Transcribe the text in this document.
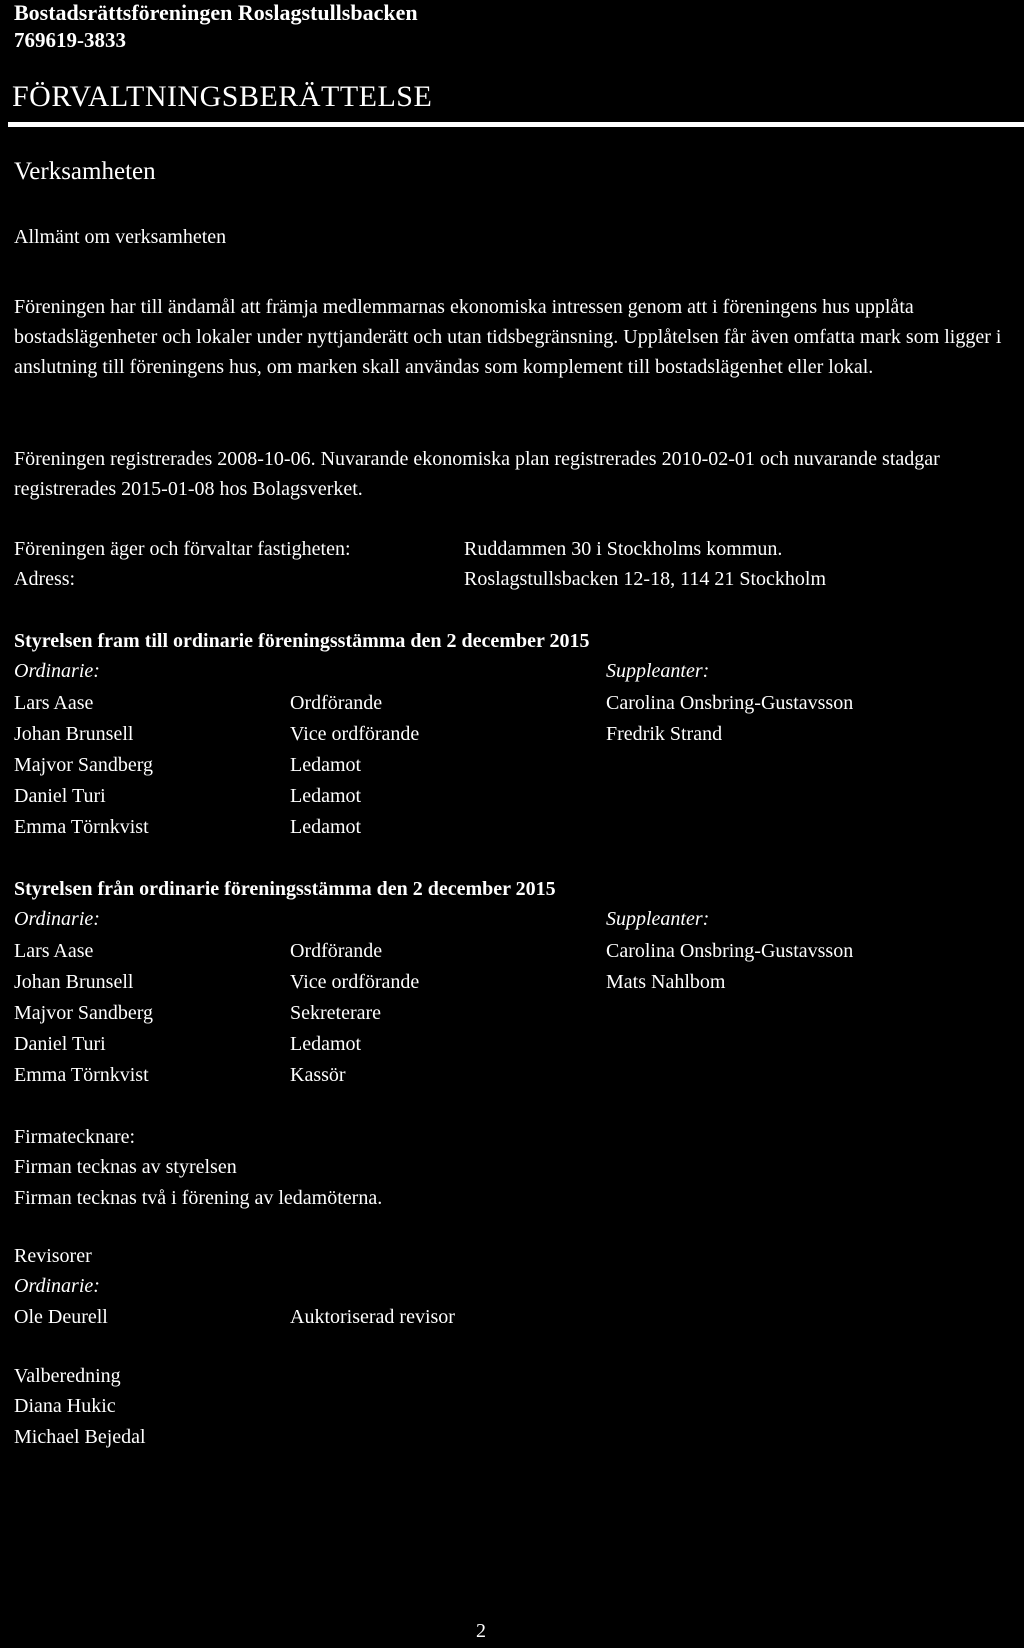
Bostadsrättsföreningen Roslagstullsbacken
769619-3833
FÖRVALTNINGSBERÄTTELSE
Verksamheten
Allmänt om verksamheten
Föreningen har till ändamål att främja medlemmarnas ekonomiska intressen genom att i föreningens hus upplåta bostadslägenheter och lokaler under nyttjanderätt och utan tidsbegränsning. Upplåtelsen får även omfatta mark som ligger i anslutning till föreningens hus, om marken skall användas som komplement till bostadslägenhet eller lokal.
Föreningen registrerades 2008-10-06. Nuvarande ekonomiska plan registrerades 2010-02-01 och nuvarande stadgar registrerades 2015-01-08 hos Bolagsverket.
Föreningen äger och förvaltar fastigheten:	Ruddammen 30 i Stockholms kommun.
Adress:	Roslagstullsbacken 12-18, 114 21 Stockholm
Styrelsen fram till ordinarie föreningsstämma den 2 december 2015
Ordinarie:	Suppleanter:
Lars Aase	Ordförande	Carolina Onsbring-Gustavsson
Johan Brunsell	Vice ordförande	Fredrik Strand
Majvor Sandberg	Ledamot
Daniel Turi	Ledamot
Emma Törnkvist	Ledamot
Styrelsen från ordinarie föreningsstämma den 2 december 2015
Ordinarie:	Suppleanter:
Lars Aase	Ordförande	Carolina Onsbring-Gustavsson
Johan Brunsell	Vice ordförande	Mats Nahlbom
Majvor Sandberg	Sekreterare
Daniel Turi	Ledamot
Emma Törnkvist	Kassör
Firmatecknare:
Firman tecknas av styrelsen
Firman tecknas två i förening av ledamöterna.
Revisorer
Ordinarie:
Ole Deurell	Auktoriserad revisor
Valberedning
Diana Hukic
Michael Bejedal
2
